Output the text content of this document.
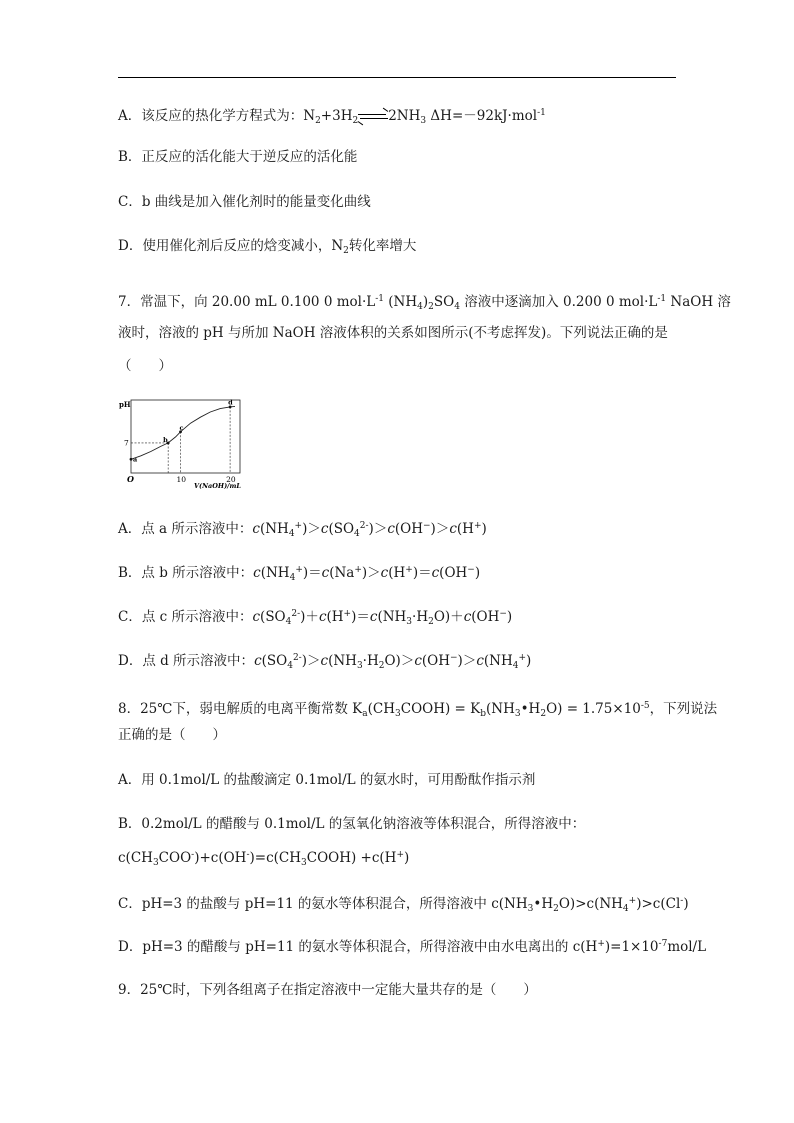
A．该反应的热化学方程式为：$N_2+3H_2$ $2NH_3$ ΔH=－92kJ·mol$^{-1}$
B．正反应的活化能大于逆反应的活化能
C．b 曲线是加入催化剂时的能量变化曲线
D．使用催化剂后反应的焓变减小，$N_2$转化率增大
7．常温下，向 20.00 mL 0.100 0 $mol\cdot L^{-1}$ $(NH_4)_2SO_4$ 溶液中逐滴加入 0.200 0 $mol\cdot L^{-1}$ NaOH 溶
液时，溶液的 pH 与所加 NaOH 溶液体积的关系如图所示(不考虑挥发)。下列说法正确的是
（　　）
pH
O
V(NaOH)/mL
10	20
7
a
b
c
d
A．点 a 所示溶液中：$c(NH_4^+)>c(SO_4^{2-})>c(OH^-)>c(H^+)$
B．点 b 所示溶液中：$c(NH_4^+)=c(Na^+)>c(H^+)=c(OH^-)$
C．点 c 所示溶液中：$c(SO_4^{2-})+c(H^+)=c(NH_3\cdot H_2O)+c(OH^-)$
D．点 d 所示溶液中：$c(SO_4^{2-})>c(NH_3\cdot H_2O)>c(OH^-)>c(NH_4^+)$
8．25℃下，弱电解质的电离平衡常数 $K_a(CH_3COOH)$ = $K_b(NH_3•H_2O) = 1.75\times 10^{-5}$，下列说法
正确的是（　　）
A．用 0.1mol/L 的盐酸滴定 0.1mol/L 的氨水时，可用酚酞作指示剂
B．0.2mol/L 的醋酸与 0.1mol/L 的氢氧化钠溶液等体积混合，所得溶液中：
$c(CH_3COO^-)+c(OH^-)=c(CH_3COOH) +c(H^+)$
C．pH=3 的盐酸与 pH=11 的氨水等体积混合，所得溶液中 $c(NH_3•H_2O)>c(NH_4^+)>c(Cl^-)$
D．pH=3 的醋酸与 pH=11 的氨水等体积混合，所得溶液中由水电离出的 $c(H^+)=1\times 10^{-7}mol/L$
9．25℃时，下列各组离子在指定溶液中一定能大量共存的是（　　）
